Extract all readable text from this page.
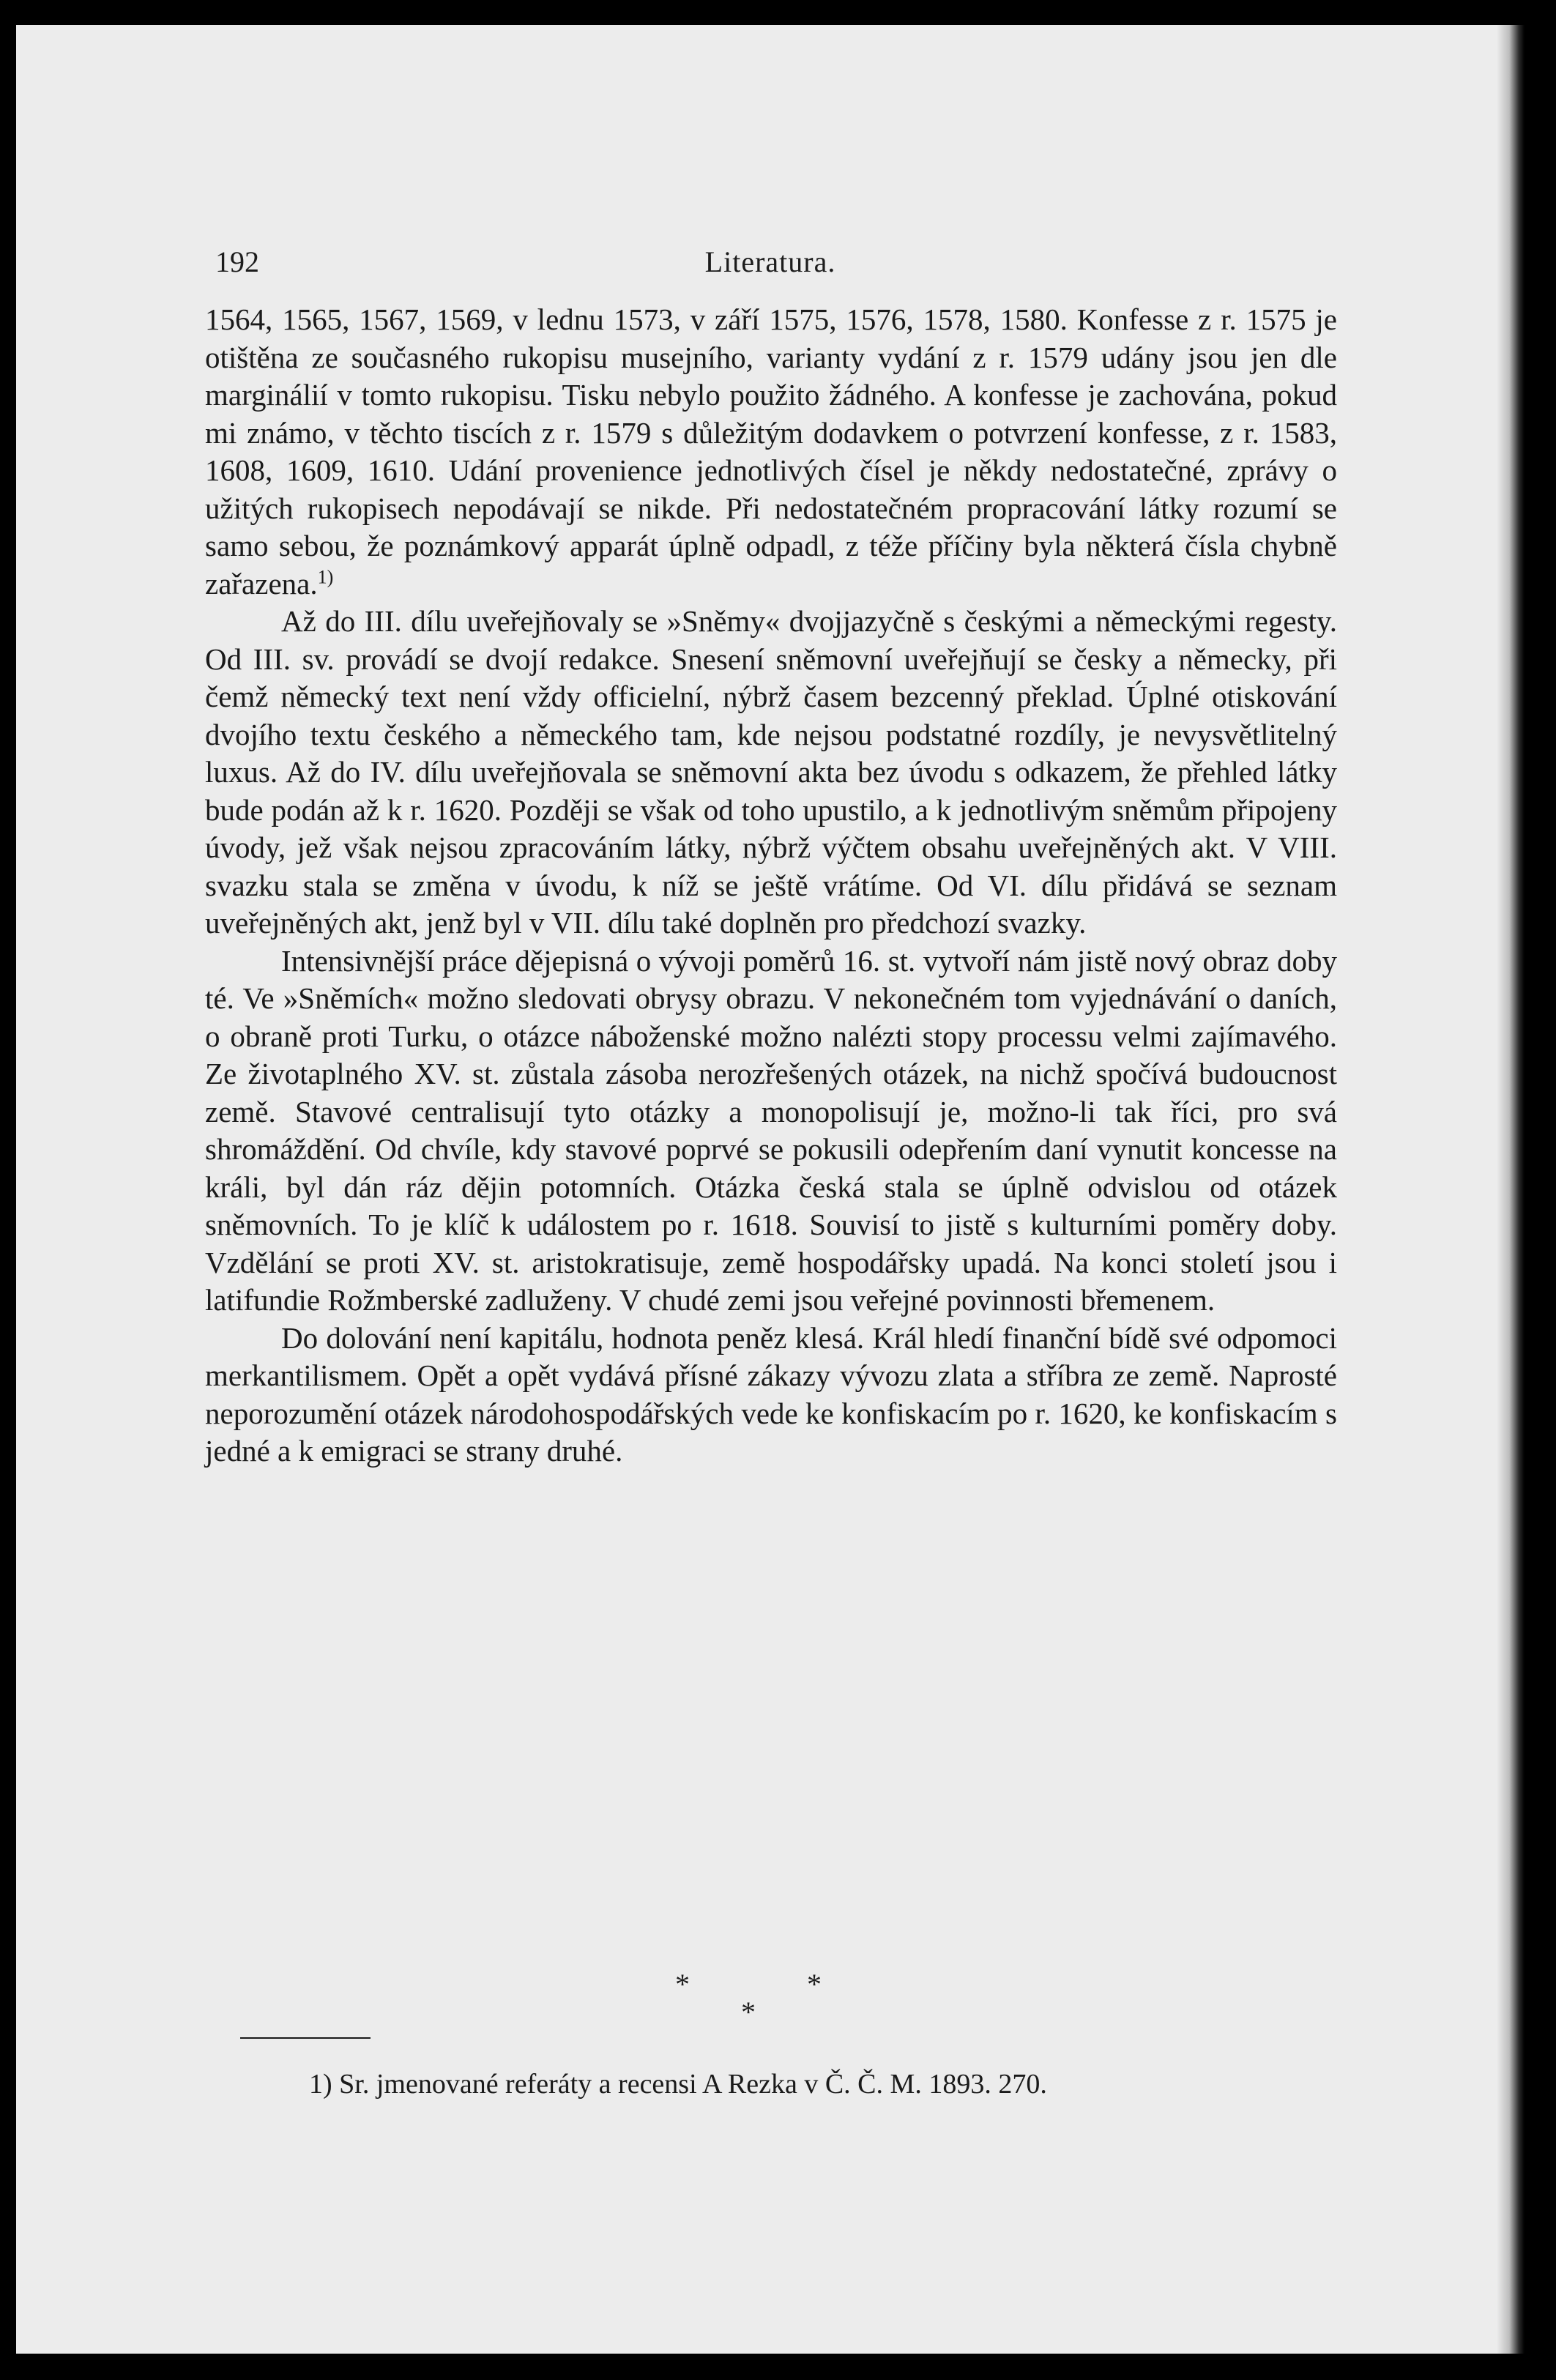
192	Literatura.

1564, 1565, 1567, 1569, v lednu 1573, v září 1575, 1576, 1578, 1580. Konfesse z r. 1575 je otištěna ze současného rukopisu musejního, varianty vydání z r. 1579 udány jsou jen dle marginálií v tomto rukopisu. Tisku nebylo použito žádného. A konfesse je zachována, pokud mi známo, v těchto tiscích z r. 1579 s důležitým dodavkem o potvrzení konfesse, z r. 1583, 1608, 1609, 1610. Udání provenience jednotlivých čísel je někdy nedostatečné, zprávy o užitých rukopisech nepodávají se nikde. Při nedostatečném propracování látky rozumí se samo sebou, že poznámkový apparát úplně odpadl, z téže příčiny byla některá čísla chybně zařazena.$^{1)}$

Až do III. dílu uveřejňovaly se »Sněmy« dvojjazyčně s českými a německými regesty. Od III. sv. provádí se dvojí redakce. Snesení sněmovní uveřejňují se česky a německy, při čemž německý text není vždy officielní, nýbrž časem bezcenný překlad. Úplné otiskování dvojího textu českého a německého tam, kde nejsou podstatné rozdíly, je nevysvětlitelný luxus. Až do IV. dílu uveřejňovala se sněmovní akta bez úvodu s odkazem, že přehled látky bude podán až k r. 1620. Později se však od toho upustilo, a k jednotlivým sněmům připojeny úvody, jež však nejsou zpracováním látky, nýbrž výčtem obsahu uveřejněných akt. V VIII. svazku stala se změna v úvodu, k níž se ještě vrátíme. Od VI. dílu přidává se seznam uveřejněných akt, jenž byl v VII. dílu také doplněn pro předchozí svazky.

Intensivnější práce dějepisná o vývoji poměrů 16. st. vytvoří nám jistě nový obraz doby té. Ve »Sněmích« možno sledovati obrysy obrazu. V nekonečném tom vyjednávání o daních, o obraně proti Turku, o otázce náboženské možno nalézti stopy processu velmi zajímavého. Ze životaplného XV. st. zůstala zásoba nerozřešených otázek, na nichž spočívá budoucnost země. Stavové centralisují tyto otázky a monopolisují je, možno-li tak říci, pro svá shromáždění. Od chvíle, kdy stavové poprvé se pokusili odepřením daní vynutit koncesse na králi, byl dán ráz dějin potomních. Otázka česká stala se úplně odvislou od otázek sněmovních. To je klíč k událostem po r. 1618. Souvisí to jistě s kulturními poměry doby. Vzdělání se proti XV. st. aristokratisuje, země hospodářsky upadá. Na konci století jsou i latifundie Rožmberské zadluženy. V chudé zemi jsou veřejné povinnosti břemenem.

Do dolování není kapitálu, hodnota peněz klesá. Král hledí finanční bídě své odpomoci merkantilismem. Opět a opět vydává přísné zákazy vývozu zlata a stříbra ze země. Naprosté neporozumění otázek národohospodářských vede ke konfiskacím po r. 1620, ke konfiskacím s jedné a k emigraci se strany druhé.

*
*
*
1) Sr. jmenované referáty a recensi A Rezka v Č. Č. M. 1893. 270.
